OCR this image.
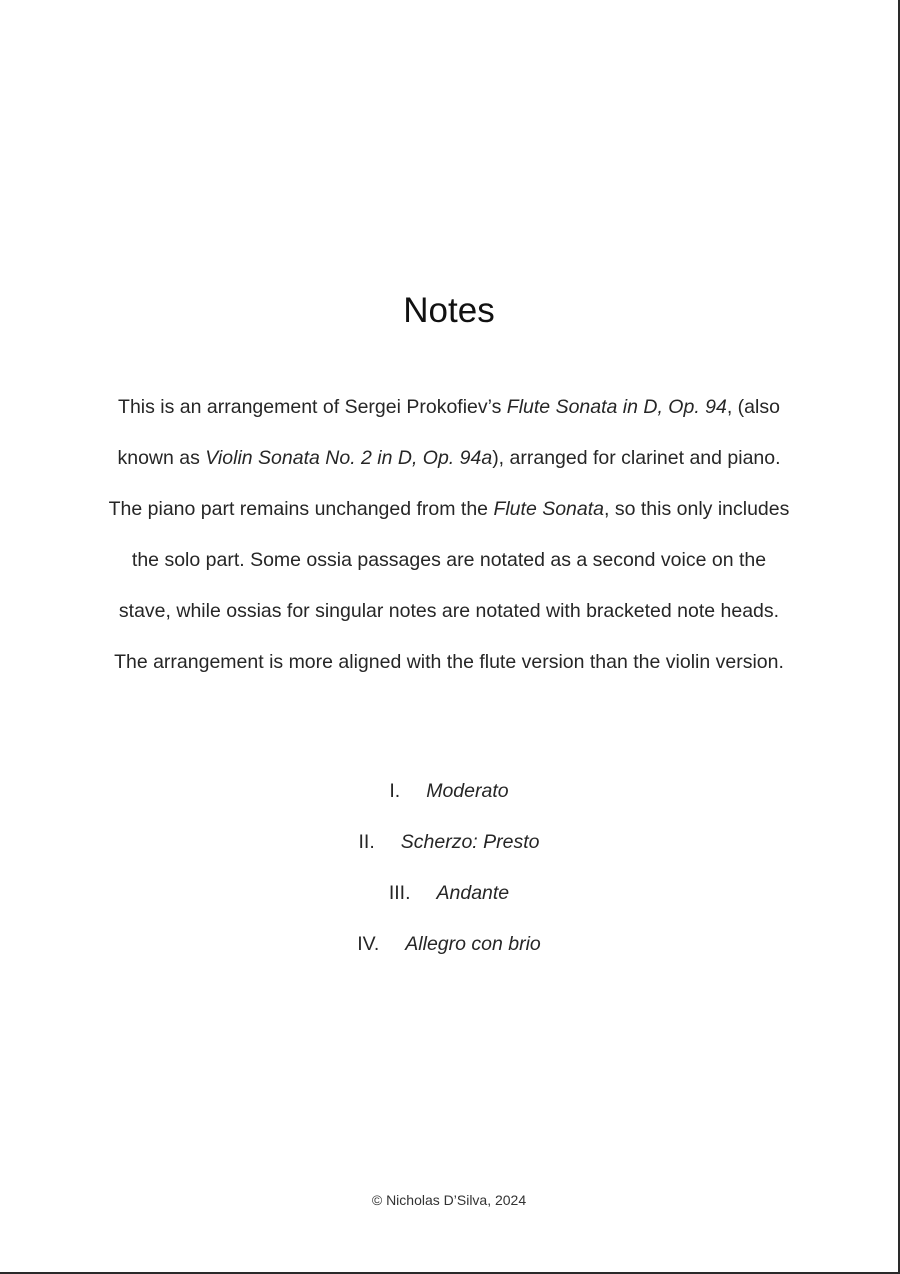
Notes
This is an arrangement of Sergei Prokofiev’s Flute Sonata in D, Op. 94, (also
known as Violin Sonata No. 2 in D, Op. 94a), arranged for clarinet and piano.
The piano part remains unchanged from the Flute Sonata, so this only includes
the solo part. Some ossia passages are notated as a second voice on the
stave, while ossias for singular notes are notated with bracketed note heads.
The arrangement is more aligned with the flute version than the violin version.
I. Moderato
II. Scherzo: Presto
III. Andante
IV. Allegro con brio
© Nicholas D’Silva, 2024
